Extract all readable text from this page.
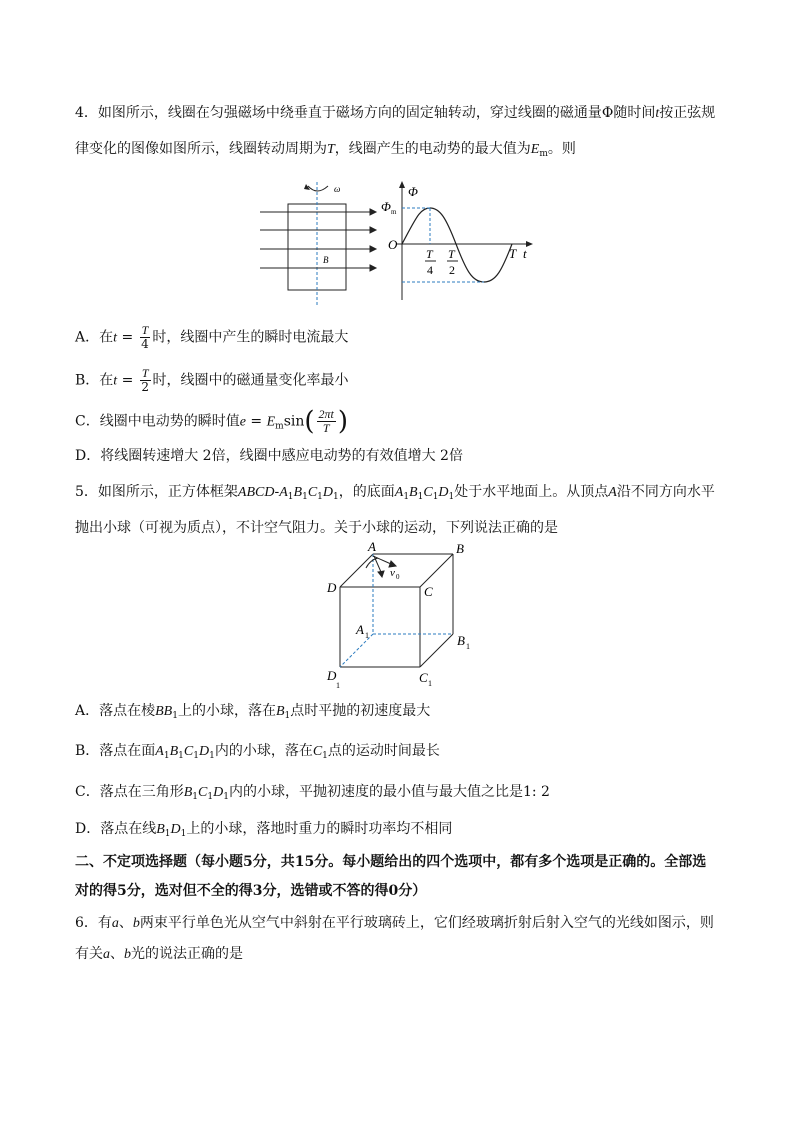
4．如图所示，线圈在匀强磁场中绕垂直于磁场方向的固定轴转动，穿过线圈的磁通量Φ随时间t按正弦规
律变化的图像如图所示，线圈转动周期为T，线圈产生的电动势的最大值为$E_m$。则
ω
B
Φ
Φ m
O
T
4
T
2
T t
A．在$t = \frac{T}{4}$ 时，线圈中产生的瞬时电流最大
B．在$t = \frac{T}{2}$ 时，线圈中的磁通量变化率最小
C．线圈中电动势的瞬时值$e = E_m\sin( \frac{2\pi t}{T}$ )
D．将线圈转速增大 2倍，线圈中感应电动势的有效值增大 2倍
5．如图所示，正方体框架ABCD-$A_1B_1C_1D_1$，的底面$A_1B_1C_1D_1$处于水平地面上。从顶点A沿不同方向水平
抛出小球（可视为质点），不计空气阻力。关于小球的运动，下列说法正确的是
A	B
C
D
A 1	B 1
C 1
D
1
v 0
A．落点在棱$BB_1$上的小球，落在$B_1$点时平抛的初速度最大
B．落点在面$A_1B_1C_1D_1$内的小球，落在$C_1$点的运动时间最长
C．落点在三角形$B_1C_1D_1$内的小球，平抛初速度的最小值与最大值之比是1: 2
D．落点在线$B_1D_1$上的小球，落地时重力的瞬时功率均不相同
二、不定项选择题（每小题5分，共15分。每小题给出的四个选项中，都有多个选项是正确的。全部选
对的得5分，选对但不全的得3分，选错或不答的得0分）
6．有a、b两束平行单色光从空气中斜射在平行玻璃砖上，它们经玻璃折射后射入空气的光线如图示，则
有关a、b光的说法正确的是
